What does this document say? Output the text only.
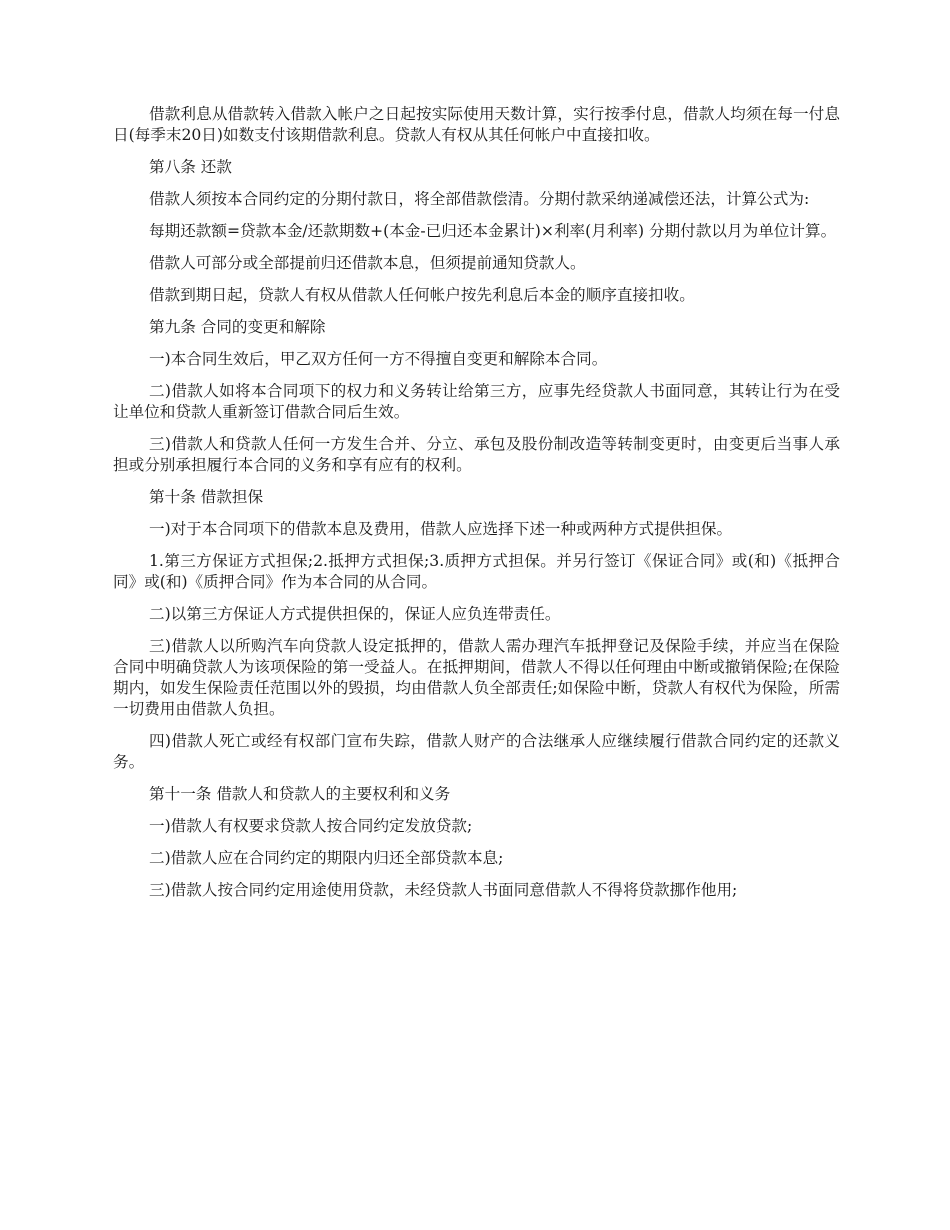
借款利息从借款转入借款入帐户之日起按实际使用天数计算，实行按季付息，借款人均须在每一付息日(每季末20日)如数支付该期借款利息。贷款人有权从其任何帐户中直接扣收。

第八条 还款

借款人须按本合同约定的分期付款日，将全部借款偿清。分期付款采纳递减偿还法，计算公式为:

每期还款额=贷款本金/还款期数+(本金-已归还本金累计)×利率(月利率) 分期付款以月为单位计算。

借款人可部分或全部提前归还借款本息，但须提前通知贷款人。

借款到期日起，贷款人有权从借款人任何帐户按先利息后本金的顺序直接扣收。

第九条 合同的变更和解除

一)本合同生效后，甲乙双方任何一方不得擅自变更和解除本合同。

二)借款人如将本合同项下的权力和义务转让给第三方，应事先经贷款人书面同意，其转让行为在受让单位和贷款人重新签订借款合同后生效。

三)借款人和贷款人任何一方发生合并、分立、承包及股份制改造等转制变更时，由变更后当事人承担或分别承担履行本合同的义务和享有应有的权利。

第十条 借款担保

一)对于本合同项下的借款本息及费用，借款人应选择下述一种或两种方式提供担保。

1.第三方保证方式担保;2.抵押方式担保;3.质押方式担保。并另行签订《保证合同》或(和)《抵押合同》或(和)《质押合同》作为本合同的从合同。

二)以第三方保证人方式提供担保的，保证人应负连带责任。

三)借款人以所购汽车向贷款人设定抵押的，借款人需办理汽车抵押登记及保险手续，并应当在保险合同中明确贷款人为该项保险的第一受益人。在抵押期间，借款人不得以任何理由中断或撤销保险;在保险期内，如发生保险责任范围以外的毁损，均由借款人负全部责任;如保险中断，贷款人有权代为保险，所需一切费用由借款人负担。

四)借款人死亡或经有权部门宣布失踪，借款人财产的合法继承人应继续履行借款合同约定的还款义务。

第十一条 借款人和贷款人的主要权利和义务

一)借款人有权要求贷款人按合同约定发放贷款;

二)借款人应在合同约定的期限内归还全部贷款本息;

三)借款人按合同约定用途使用贷款，未经贷款人书面同意借款人不得将贷款挪作他用;
